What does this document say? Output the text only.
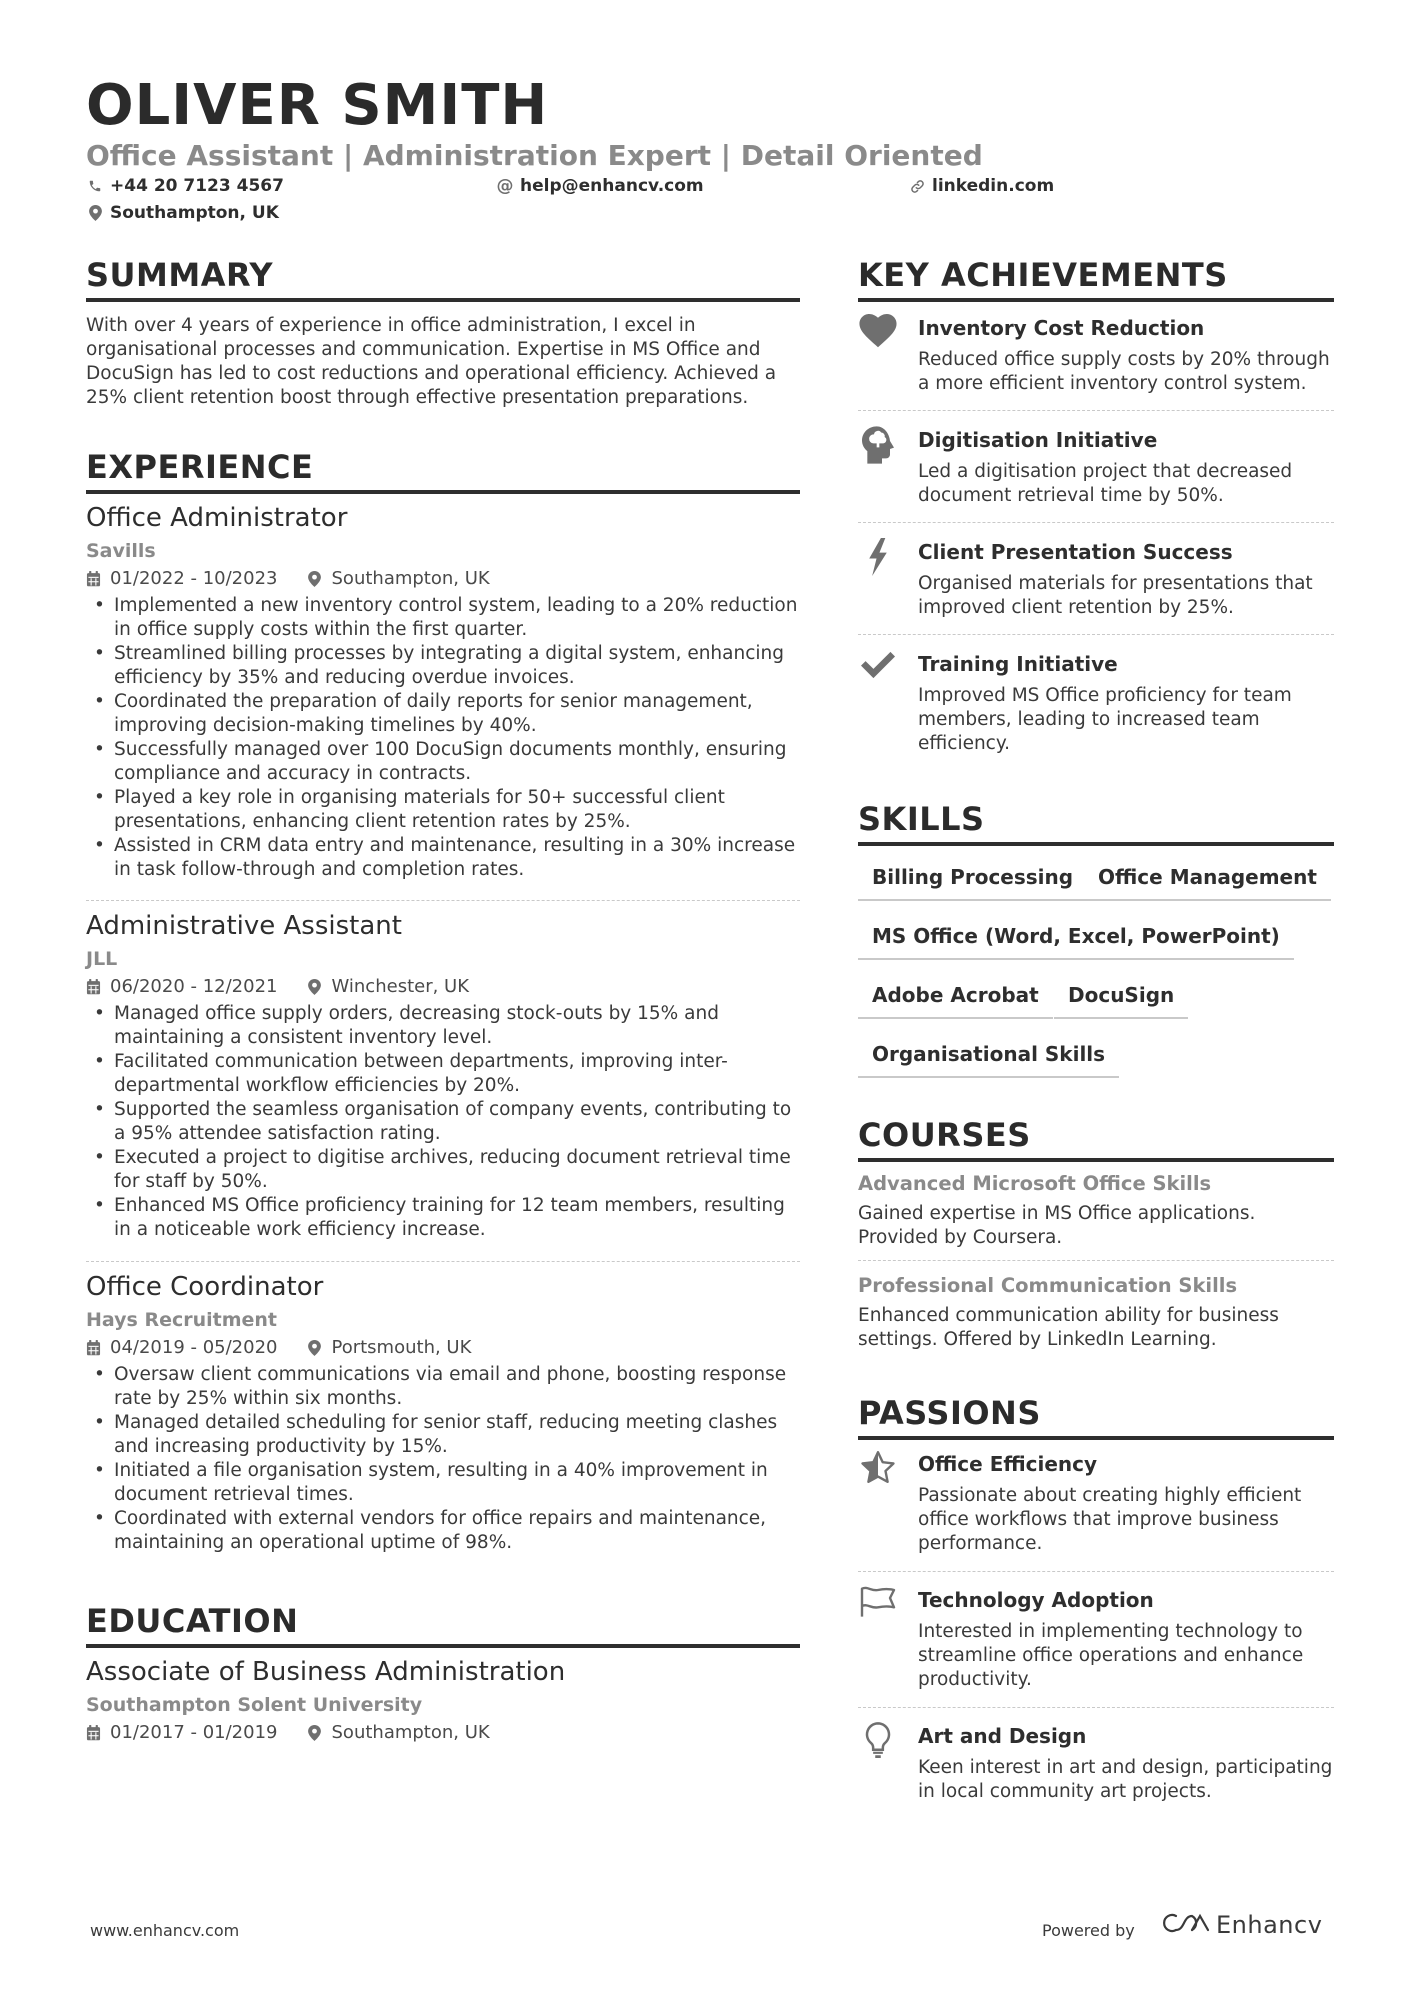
OLIVER SMITH
Office Assistant | Administration Expert | Detail Oriented
+44 20 7123 4567	@ help@enhancv.com	linkedin.com
Southampton, UK
SUMMARY
With over 4 years of experience in office administration, I excel in organisational processes and communication. Expertise in MS Office and DocuSign has led to cost reductions and operational efficiency. Achieved a 25% client retention boost through effective presentation preparations.
EXPERIENCE
Office Administrator
Savills
01/2022 - 10/2023	Southampton, UK
• Implemented a new inventory control system, leading to a 20% reduction in office supply costs within the first quarter.
• Streamlined billing processes by integrating a digital system, enhancing efficiency by 35% and reducing overdue invoices.
• Coordinated the preparation of daily reports for senior management, improving decision-making timelines by 40%.
• Successfully managed over 100 DocuSign documents monthly, ensuring compliance and accuracy in contracts.
• Played a key role in organising materials for 50+ successful client presentations, enhancing client retention rates by 25%.
• Assisted in CRM data entry and maintenance, resulting in a 30% increase in task follow-through and completion rates.
Administrative Assistant
JLL
06/2020 - 12/2021	Winchester, UK
• Managed office supply orders, decreasing stock-outs by 15% and maintaining a consistent inventory level.
• Facilitated communication between departments, improving inter-departmental workflow efficiencies by 20%.
• Supported the seamless organisation of company events, contributing to a 95% attendee satisfaction rating.
• Executed a project to digitise archives, reducing document retrieval time for staff by 50%.
• Enhanced MS Office proficiency training for 12 team members, resulting in a noticeable work efficiency increase.
Office Coordinator
Hays Recruitment
04/2019 - 05/2020	Portsmouth, UK
• Oversaw client communications via email and phone, boosting response rate by 25% within six months.
• Managed detailed scheduling for senior staff, reducing meeting clashes and increasing productivity by 15%.
• Initiated a file organisation system, resulting in a 40% improvement in document retrieval times.
• Coordinated with external vendors for office repairs and maintenance, maintaining an operational uptime of 98%.
EDUCATION
Associate of Business Administration
Southampton Solent University
01/2017 - 01/2019	Southampton, UK
KEY ACHIEVEMENTS
Inventory Cost Reduction
Reduced office supply costs by 20% through a more efficient inventory control system.
Digitisation Initiative
Led a digitisation project that decreased document retrieval time by 50%.
Client Presentation Success
Organised materials for presentations that improved client retention by 25%.
Training Initiative
Improved MS Office proficiency for team members, leading to increased team efficiency.
SKILLS
Billing Processing	Office Management
MS Office (Word, Excel, PowerPoint)
Adobe Acrobat	DocuSign
Organisational Skills
COURSES
Advanced Microsoft Office Skills
Gained expertise in MS Office applications. Provided by Coursera.
Professional Communication Skills
Enhanced communication ability for business settings. Offered by LinkedIn Learning.
PASSIONS
Office Efficiency
Passionate about creating highly efficient office workflows that improve business performance.
Technology Adoption
Interested in implementing technology to streamline office operations and enhance productivity.
Art and Design
Keen interest in art and design, participating in local community art projects.
www.enhancv.com	Powered by	Enhancv
